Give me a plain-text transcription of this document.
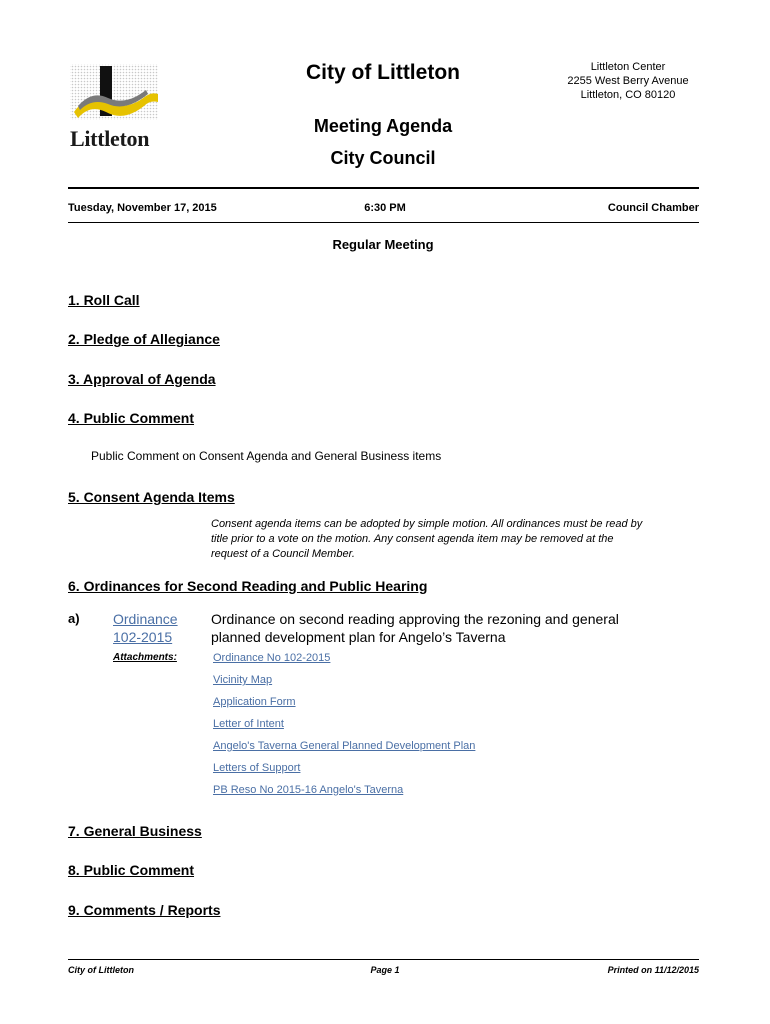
Littleton
City of Littleton	Littleton Center
2255 West Berry Avenue
Littleton, CO 80120
Meeting Agenda
City Council
Tuesday, November 17, 2015	6:30 PM	Council Chamber
Regular Meeting
1. Roll Call
2. Pledge of Allegiance
3. Approval of Agenda
4. Public Comment
Public Comment on Consent Agenda and General Business items
5. Consent Agenda Items
Consent agenda items can be adopted by simple motion. All ordinances must be read by title prior to a vote on the motion. Any consent agenda item may be removed at the request of a Council Member.
6. Ordinances for Second Reading and Public Hearing
a) Ordinance
102-2015
Ordinance on second reading approving the rezoning and general planned development plan for Angelo’s Taverna
Attachments:	Ordinance No 102-2015
Vicinity Map
Application Form
Letter of Intent
Angelo's Taverna General Planned Development Plan
Letters of Support
PB Reso No 2015-16 Angelo's Taverna
7. General Business
8. Public Comment
9. Comments / Reports
City of Littleton	Page 1	Printed on 11/12/2015
